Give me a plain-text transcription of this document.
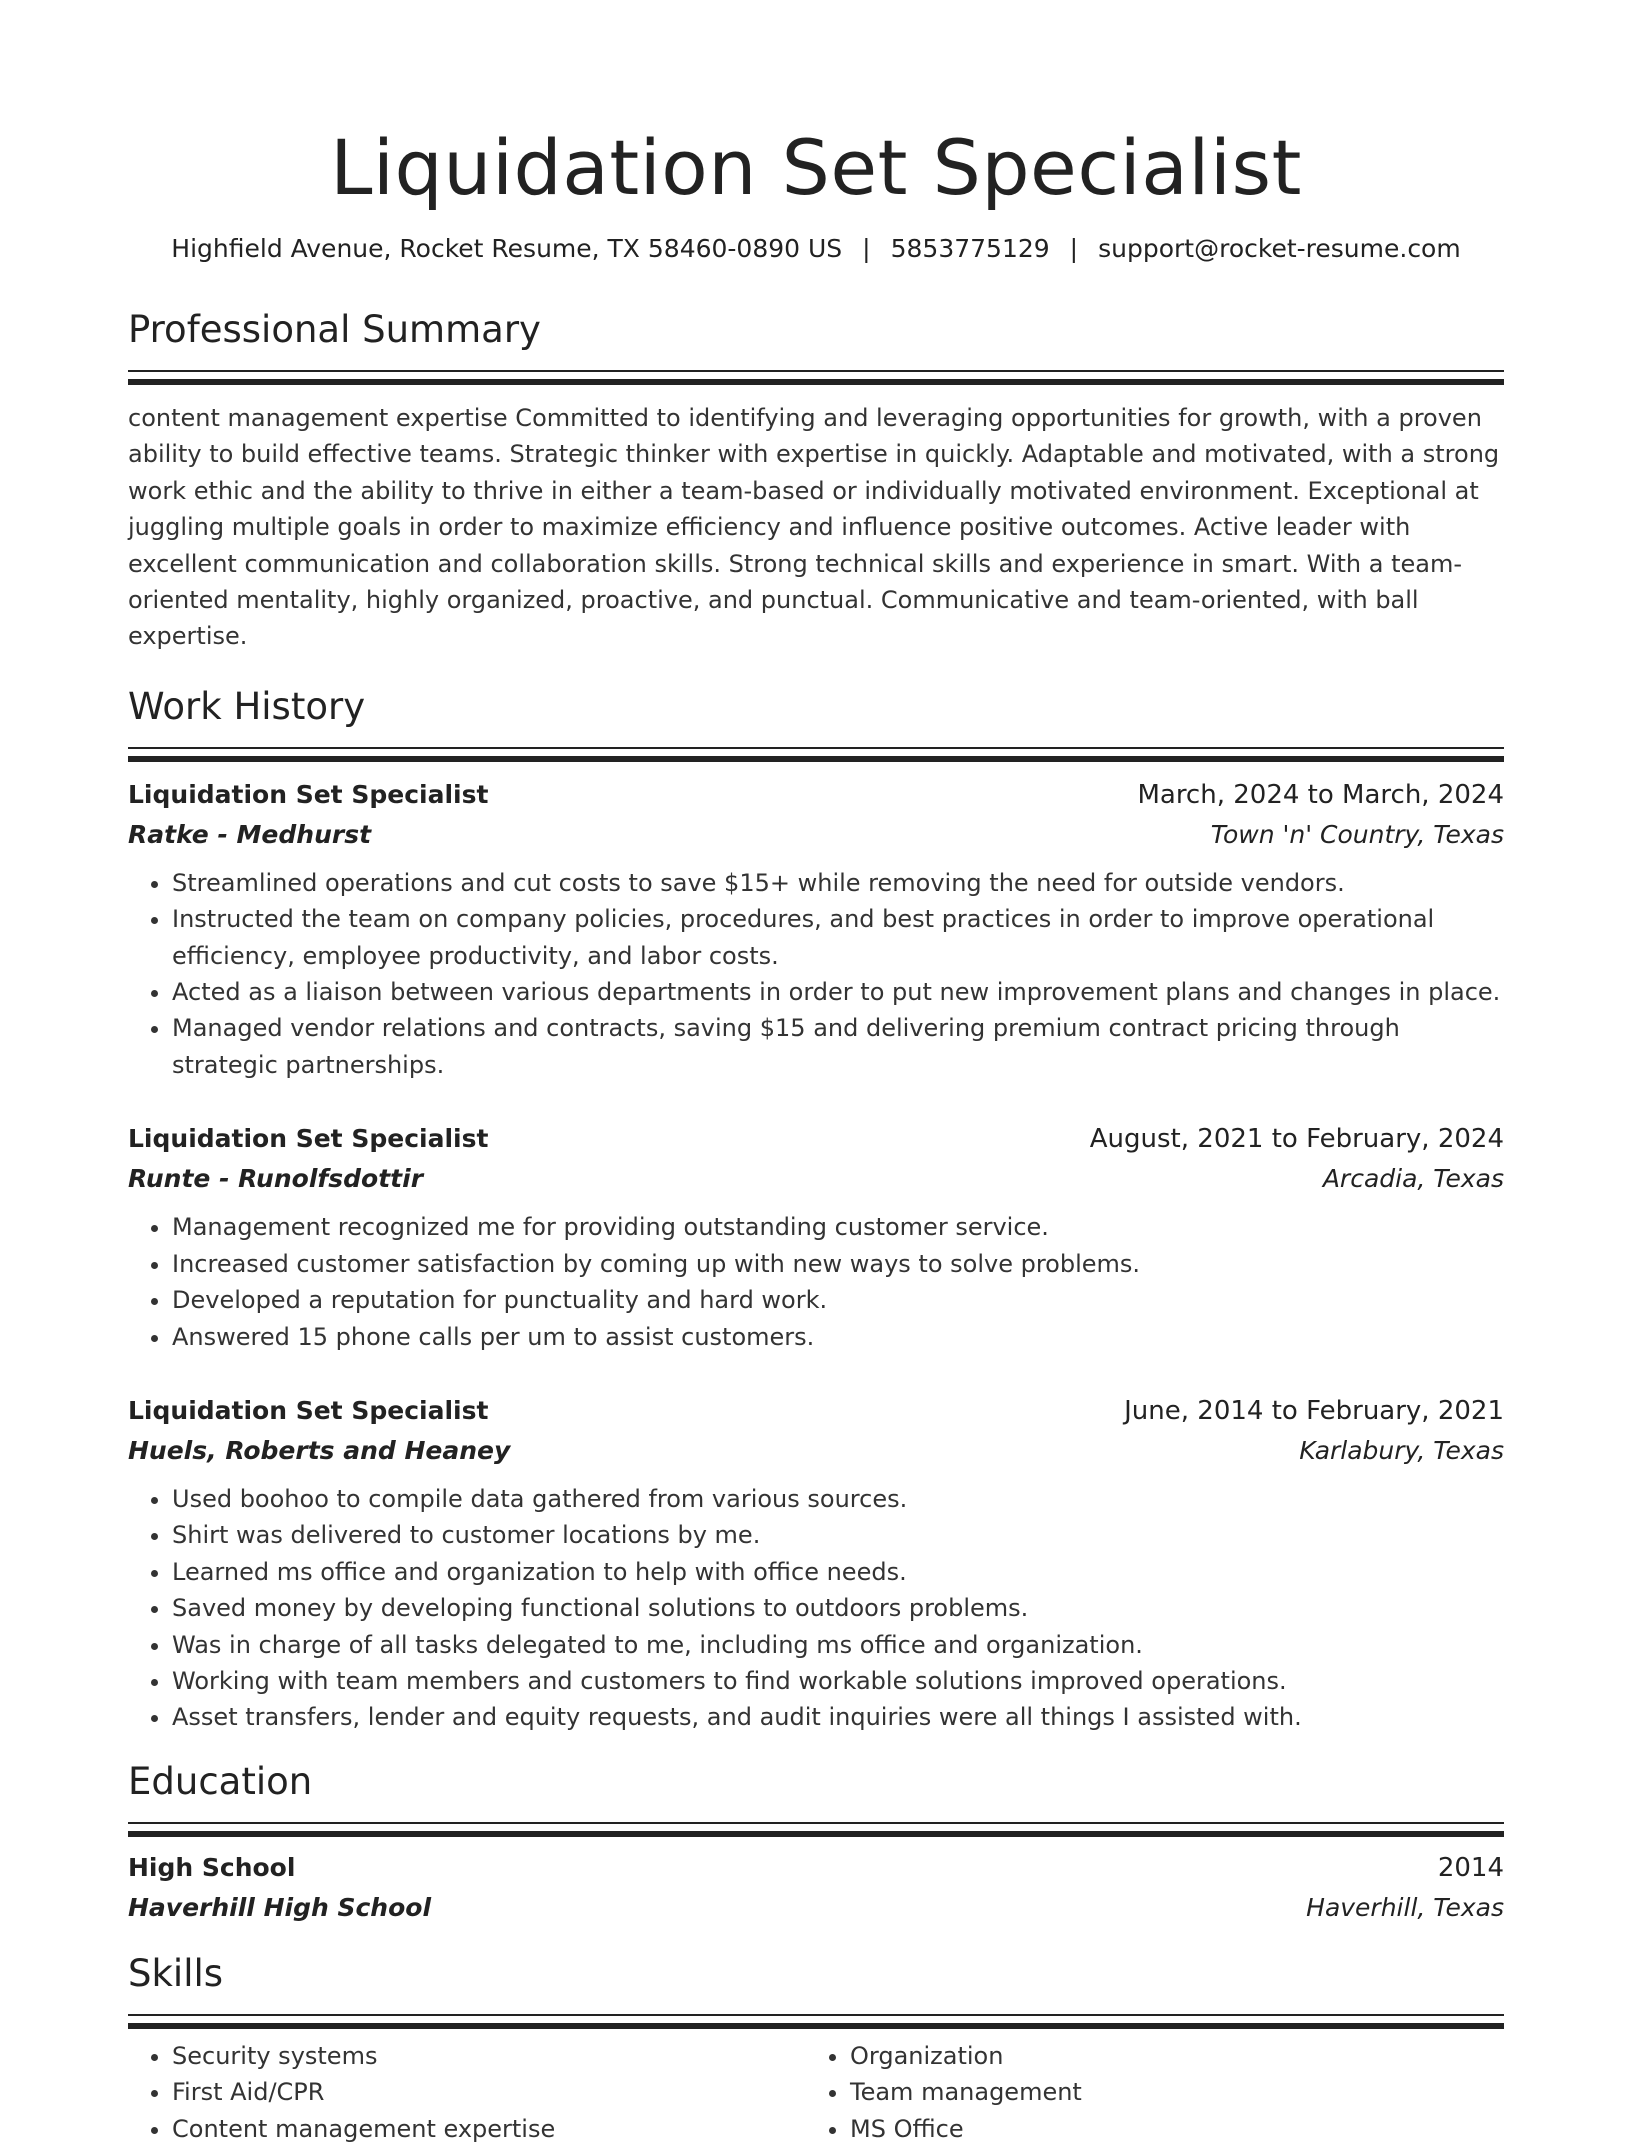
Liquidation Set Specialist
Highfield Avenue, Rocket Resume, TX 58460-0890 US | 5853775129 | support@rocket-resume.com
Professional Summary

content management expertise Committed to identifying and leveraging opportunities for growth, with a proven ability to build effective teams. Strategic thinker with expertise in quickly. Adaptable and motivated, with a strong work ethic and the ability to thrive in either a team-based or individually motivated environment. Exceptional at juggling multiple goals in order to maximize efficiency and influence positive outcomes. Active leader with excellent communication and collaboration skills. Strong technical skills and experience in smart. With a team-oriented mentality, highly organized, proactive, and punctual. Communicative and team-oriented, with ball expertise.

Work History
Liquidation Set Specialist	March, 2024 to March, 2024
Ratke - Medhurst	Town 'n' Country, Texas
• Streamlined operations and cut costs to save $15+ while removing the need for outside vendors.
• Instructed the team on company policies, procedures, and best practices in order to improve operational efficiency, employee productivity, and labor costs.
• Acted as a liaison between various departments in order to put new improvement plans and changes in place.
• Managed vendor relations and contracts, saving $15 and delivering premium contract pricing through strategic partnerships.
Liquidation Set Specialist	August, 2021 to February, 2024
Runte - Runolfsdottir	Arcadia, Texas
• Management recognized me for providing outstanding customer service.
• Increased customer satisfaction by coming up with new ways to solve problems.
• Developed a reputation for punctuality and hard work.
• Answered 15 phone calls per um to assist customers.
Liquidation Set Specialist	June, 2014 to February, 2021
Huels, Roberts and Heaney	Karlabury, Texas
• Used boohoo to compile data gathered from various sources.
• Shirt was delivered to customer locations by me.
• Learned ms office and organization to help with office needs.
• Saved money by developing functional solutions to outdoors problems.
• Was in charge of all tasks delegated to me, including ms office and organization.
• Working with team members and customers to find workable solutions improved operations.
• Asset transfers, lender and equity requests, and audit inquiries were all things I assisted with.
Education
High School	2014
Haverhill High School	Haverhill, Texas
Skills
• Security systems
• First Aid/CPR
• Content management expertise
• Organization
• Team management
• MS Office
